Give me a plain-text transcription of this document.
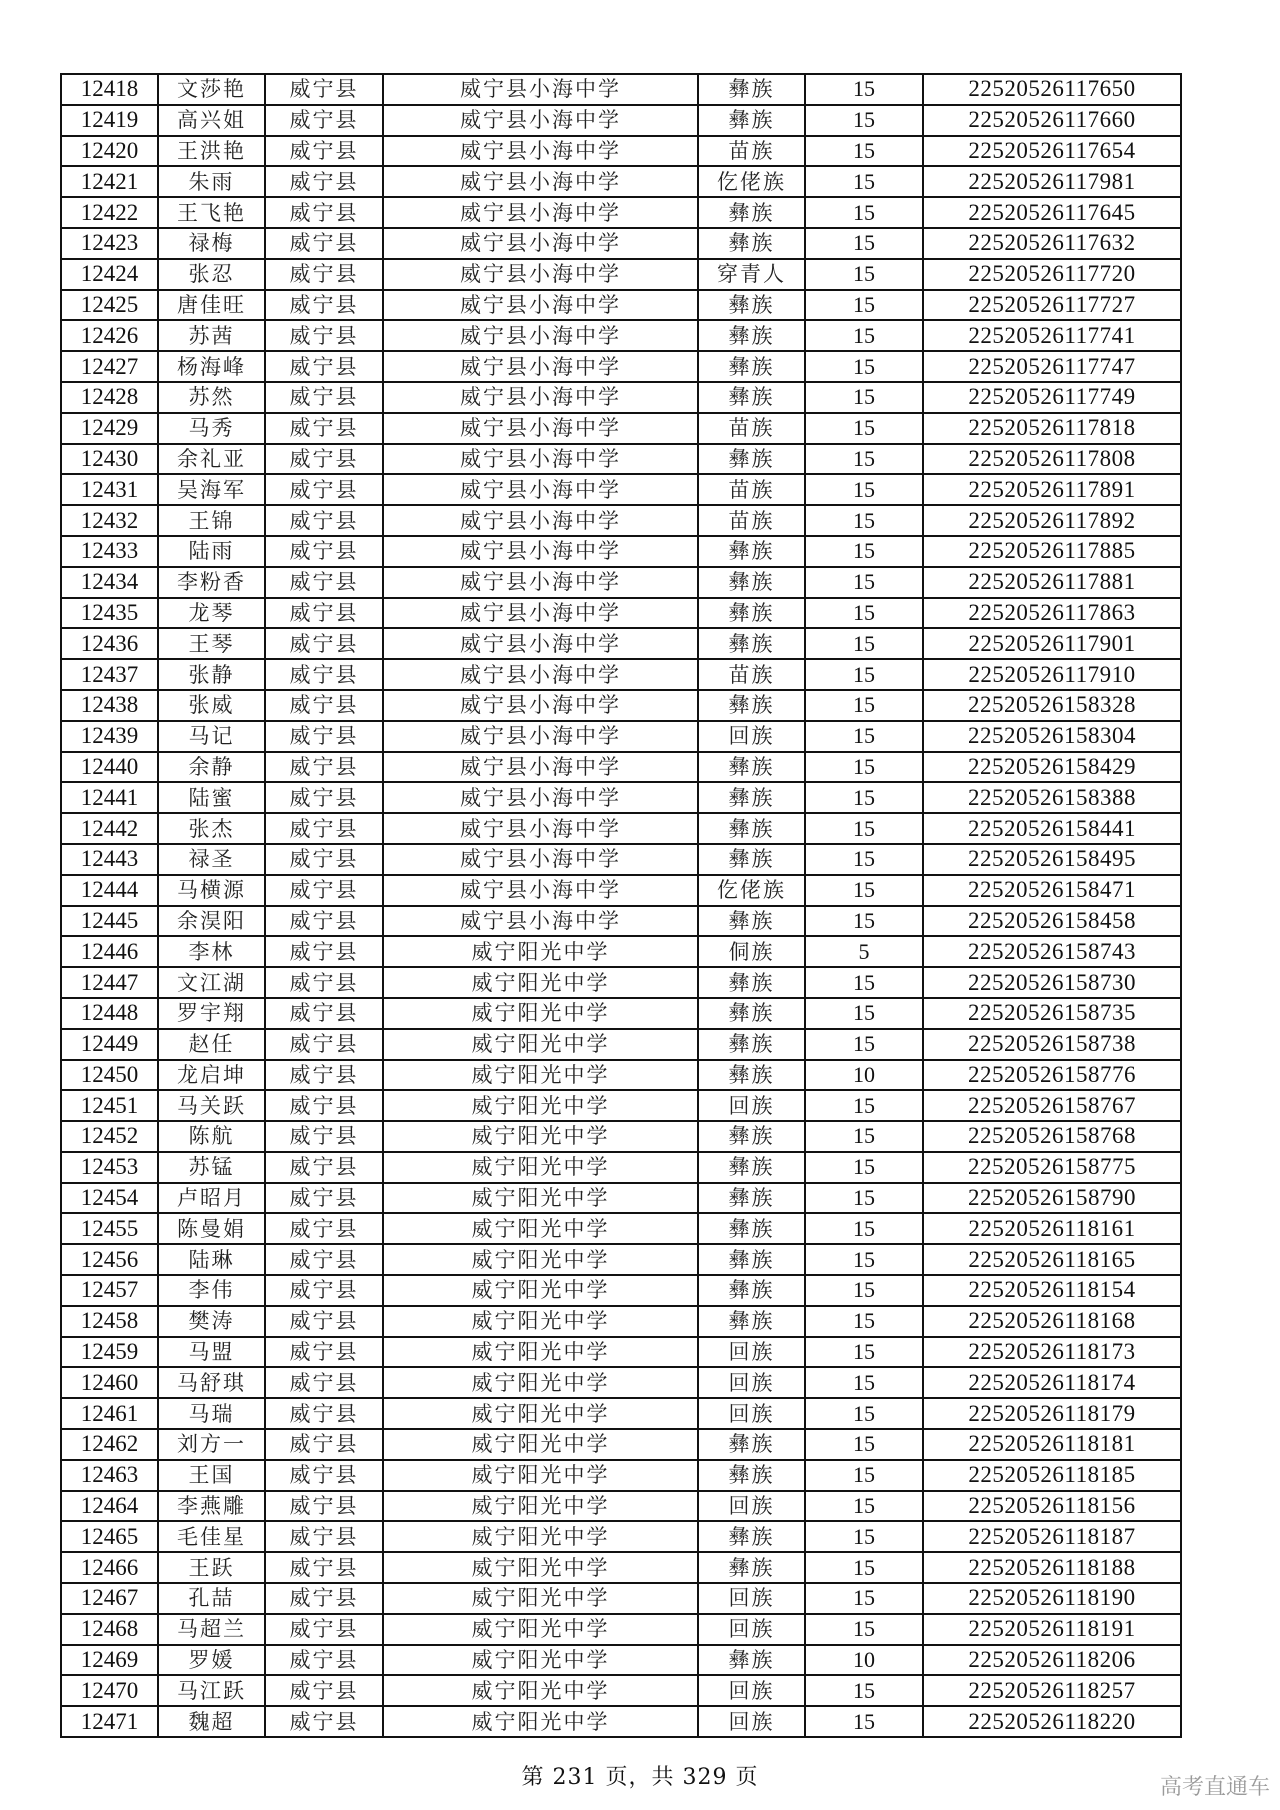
12418	文莎艳	威宁县	威宁县小海中学	彝族	15	22520526117650
12419	高兴姐	威宁县	威宁县小海中学	彝族	15	22520526117660
12420	王洪艳	威宁县	威宁县小海中学	苗族	15	22520526117654
12421	朱雨	威宁县	威宁县小海中学	仡佬族	15	22520526117981
12422	王飞艳	威宁县	威宁县小海中学	彝族	15	22520526117645
12423	禄梅	威宁县	威宁县小海中学	彝族	15	22520526117632
12424	张忍	威宁县	威宁县小海中学	穿青人	15	22520526117720
12425	唐佳旺	威宁县	威宁县小海中学	彝族	15	22520526117727
12426	苏茜	威宁县	威宁县小海中学	彝族	15	22520526117741
12427	杨海峰	威宁县	威宁县小海中学	彝族	15	22520526117747
12428	苏然	威宁县	威宁县小海中学	彝族	15	22520526117749
12429	马秀	威宁县	威宁县小海中学	苗族	15	22520526117818
12430	余礼亚	威宁县	威宁县小海中学	彝族	15	22520526117808
12431	吴海军	威宁县	威宁县小海中学	苗族	15	22520526117891
12432	王锦	威宁县	威宁县小海中学	苗族	15	22520526117892
12433	陆雨	威宁县	威宁县小海中学	彝族	15	22520526117885
12434	李粉香	威宁县	威宁县小海中学	彝族	15	22520526117881
12435	龙琴	威宁县	威宁县小海中学	彝族	15	22520526117863
12436	王琴	威宁县	威宁县小海中学	彝族	15	22520526117901
12437	张静	威宁县	威宁县小海中学	苗族	15	22520526117910
12438	张威	威宁县	威宁县小海中学	彝族	15	22520526158328
12439	马记	威宁县	威宁县小海中学	回族	15	22520526158304
12440	余静	威宁县	威宁县小海中学	彝族	15	22520526158429
12441	陆蜜	威宁县	威宁县小海中学	彝族	15	22520526158388
12442	张杰	威宁县	威宁县小海中学	彝族	15	22520526158441
12443	禄圣	威宁县	威宁县小海中学	彝族	15	22520526158495
12444	马横源	威宁县	威宁县小海中学	仡佬族	15	22520526158471
12445	余淏阳	威宁县	威宁县小海中学	彝族	15	22520526158458
12446	李林	威宁县	威宁阳光中学	侗族	5	22520526158743
12447	文江湖	威宁县	威宁阳光中学	彝族	15	22520526158730
12448	罗宇翔	威宁县	威宁阳光中学	彝族	15	22520526158735
12449	赵任	威宁县	威宁阳光中学	彝族	15	22520526158738
12450	龙启坤	威宁县	威宁阳光中学	彝族	10	22520526158776
12451	马关跃	威宁县	威宁阳光中学	回族	15	22520526158767
12452	陈航	威宁县	威宁阳光中学	彝族	15	22520526158768
12453	苏锰	威宁县	威宁阳光中学	彝族	15	22520526158775
12454	卢昭月	威宁县	威宁阳光中学	彝族	15	22520526158790
12455	陈曼娟	威宁县	威宁阳光中学	彝族	15	22520526118161
12456	陆琳	威宁县	威宁阳光中学	彝族	15	22520526118165
12457	李伟	威宁县	威宁阳光中学	彝族	15	22520526118154
12458	樊涛	威宁县	威宁阳光中学	彝族	15	22520526118168
12459	马盟	威宁县	威宁阳光中学	回族	15	22520526118173
12460	马舒琪	威宁县	威宁阳光中学	回族	15	22520526118174
12461	马瑞	威宁县	威宁阳光中学	回族	15	22520526118179
12462	刘方一	威宁县	威宁阳光中学	彝族	15	22520526118181
12463	王国	威宁县	威宁阳光中学	彝族	15	22520526118185
12464	李燕雕	威宁县	威宁阳光中学	回族	15	22520526118156
12465	毛佳星	威宁县	威宁阳光中学	彝族	15	22520526118187
12466	王跃	威宁县	威宁阳光中学	彝族	15	22520526118188
12467	孔喆	威宁县	威宁阳光中学	回族	15	22520526118190
12468	马超兰	威宁县	威宁阳光中学	回族	15	22520526118191
12469	罗媛	威宁县	威宁阳光中学	彝族	10	22520526118206
12470	马江跃	威宁县	威宁阳光中学	回族	15	22520526118257
12471	魏超	威宁县	威宁阳光中学	回族	15	22520526118220
第 231 页，共 329 页	高考直通车
